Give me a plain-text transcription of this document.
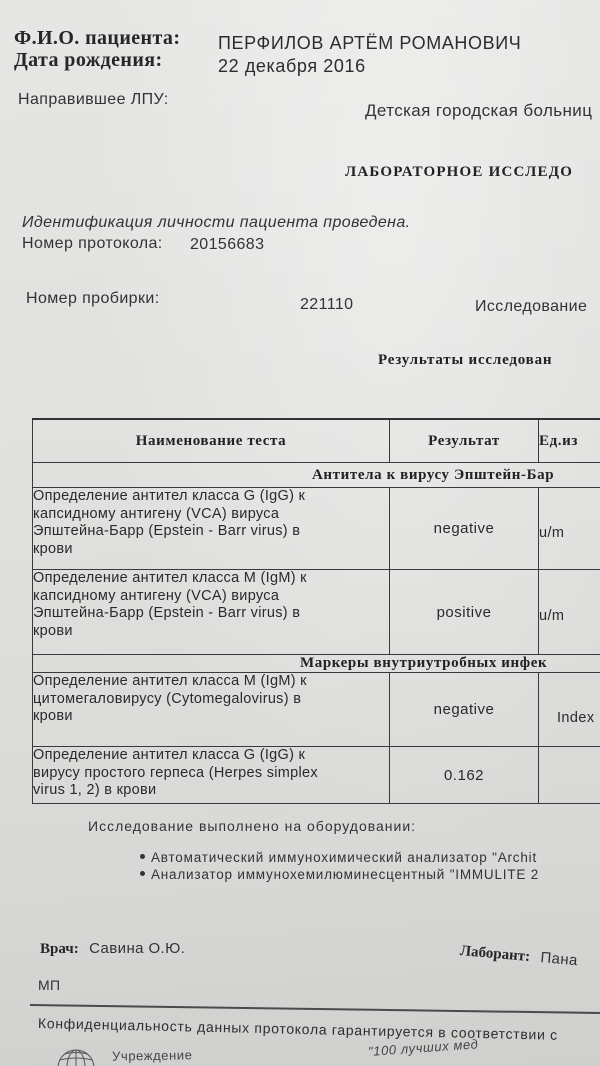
Ф.И.О. пациента: ПЕРФИЛОВ АРТЁМ РОМАНОВИЧ
Дата рождения:	22 декабря 2016
Направившее ЛПУ:
Детская городская больниц
ЛАБОРАТОРНОЕ ИССЛЕДО
Идентификация личности пациента проведена.
Номер протокола: 20156683
Номер пробирки:	221110	Исследование
Результаты исследован
Наименование теста	Результат	Ед.из
Антитела к вирусу Эпштейн-Бар		

Определение антител класса G (IgG) к
капсидному антигену (VCA) вируса
Эпштейна-Барр (Epstein - Barr virus) в
крови	negative	u/m

Определение антител класса M (IgM) к
капсидному антигену (VCA) вируса
Эпштейна-Барр (Epstein - Barr virus) в
крови	positive	u/m
Маркеры внутриутробных инфек		

Определение антител класса M (IgM) к
цитомегаловирусу (Cytomegalovirus) в
крови	negative	Index

Определение антител класса G (IgG) к
вирусу простого герпеса (Herpes simplex
virus 1, 2) в крови	0.162	
Исследование выполнено на оборудовании:
Автоматический иммунохимический анализатор "Archit
Анализатор иммунохемилюминесцентный "IMMULITE 2
Врач: Савина О.Ю.	Лаборант: Пана
МП
Конфиденциальность данных протокола гарантируется в соответствии с
Учреждение	"100 лучших мед
